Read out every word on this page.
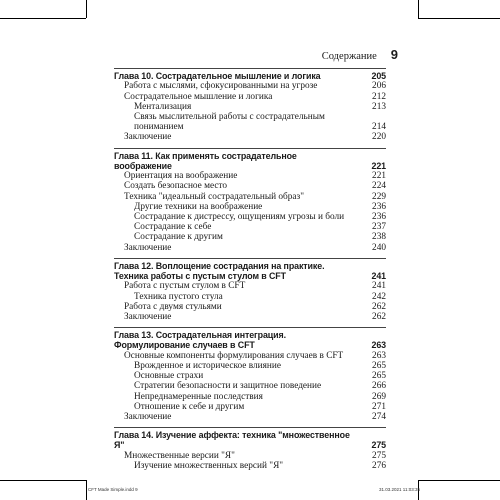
Содержание 9
Глава 10. Сострадательное мышление и логика	205
Работа с мыслями, сфокусированными на угрозе	206
Сострадательное мышление и логика	212
Ментализация	213
Связь мыслительной работы с сострадательным пониманием	214
Заключение	220
Глава 11. Как применять сострадательное воображение	221
Ориентация на воображение	221
Создать безопасное место	224
Техника "идеальный сострадательный образ"	229
Другие техники на воображение	236
Сострадание к дистрессу, ощущениям угрозы и боли	236
Сострадание к себе	237
Сострадание к другим	238
Заключение	240
Глава 12. Воплощение сострадания на практике. Техника работы с пустым стулом в CFT	241
Работа с пустым стулом в CFT	241
Техника пустого стула	242
Работа с двумя стульями	262
Заключение	262
Глава 13. Сострадательная интеграция. Формулирование случаев в CFT	263
Основные компоненты формулирования случаев в CFT	263
Врожденное и историческое влияние	265
Основные страхи	265
Стратегии безопасности и защитное поведение	266
Непреднамеренные последствия	269
Отношение к себе и другим	271
Заключение	274
Глава 14. Изучение аффекта: техника "множественное Я"	275
Множественные версии "Я"	275
Изучение множественных версий "Я"	276
CFT Made Simple.indd 9	31.03.2021 11:03:35
